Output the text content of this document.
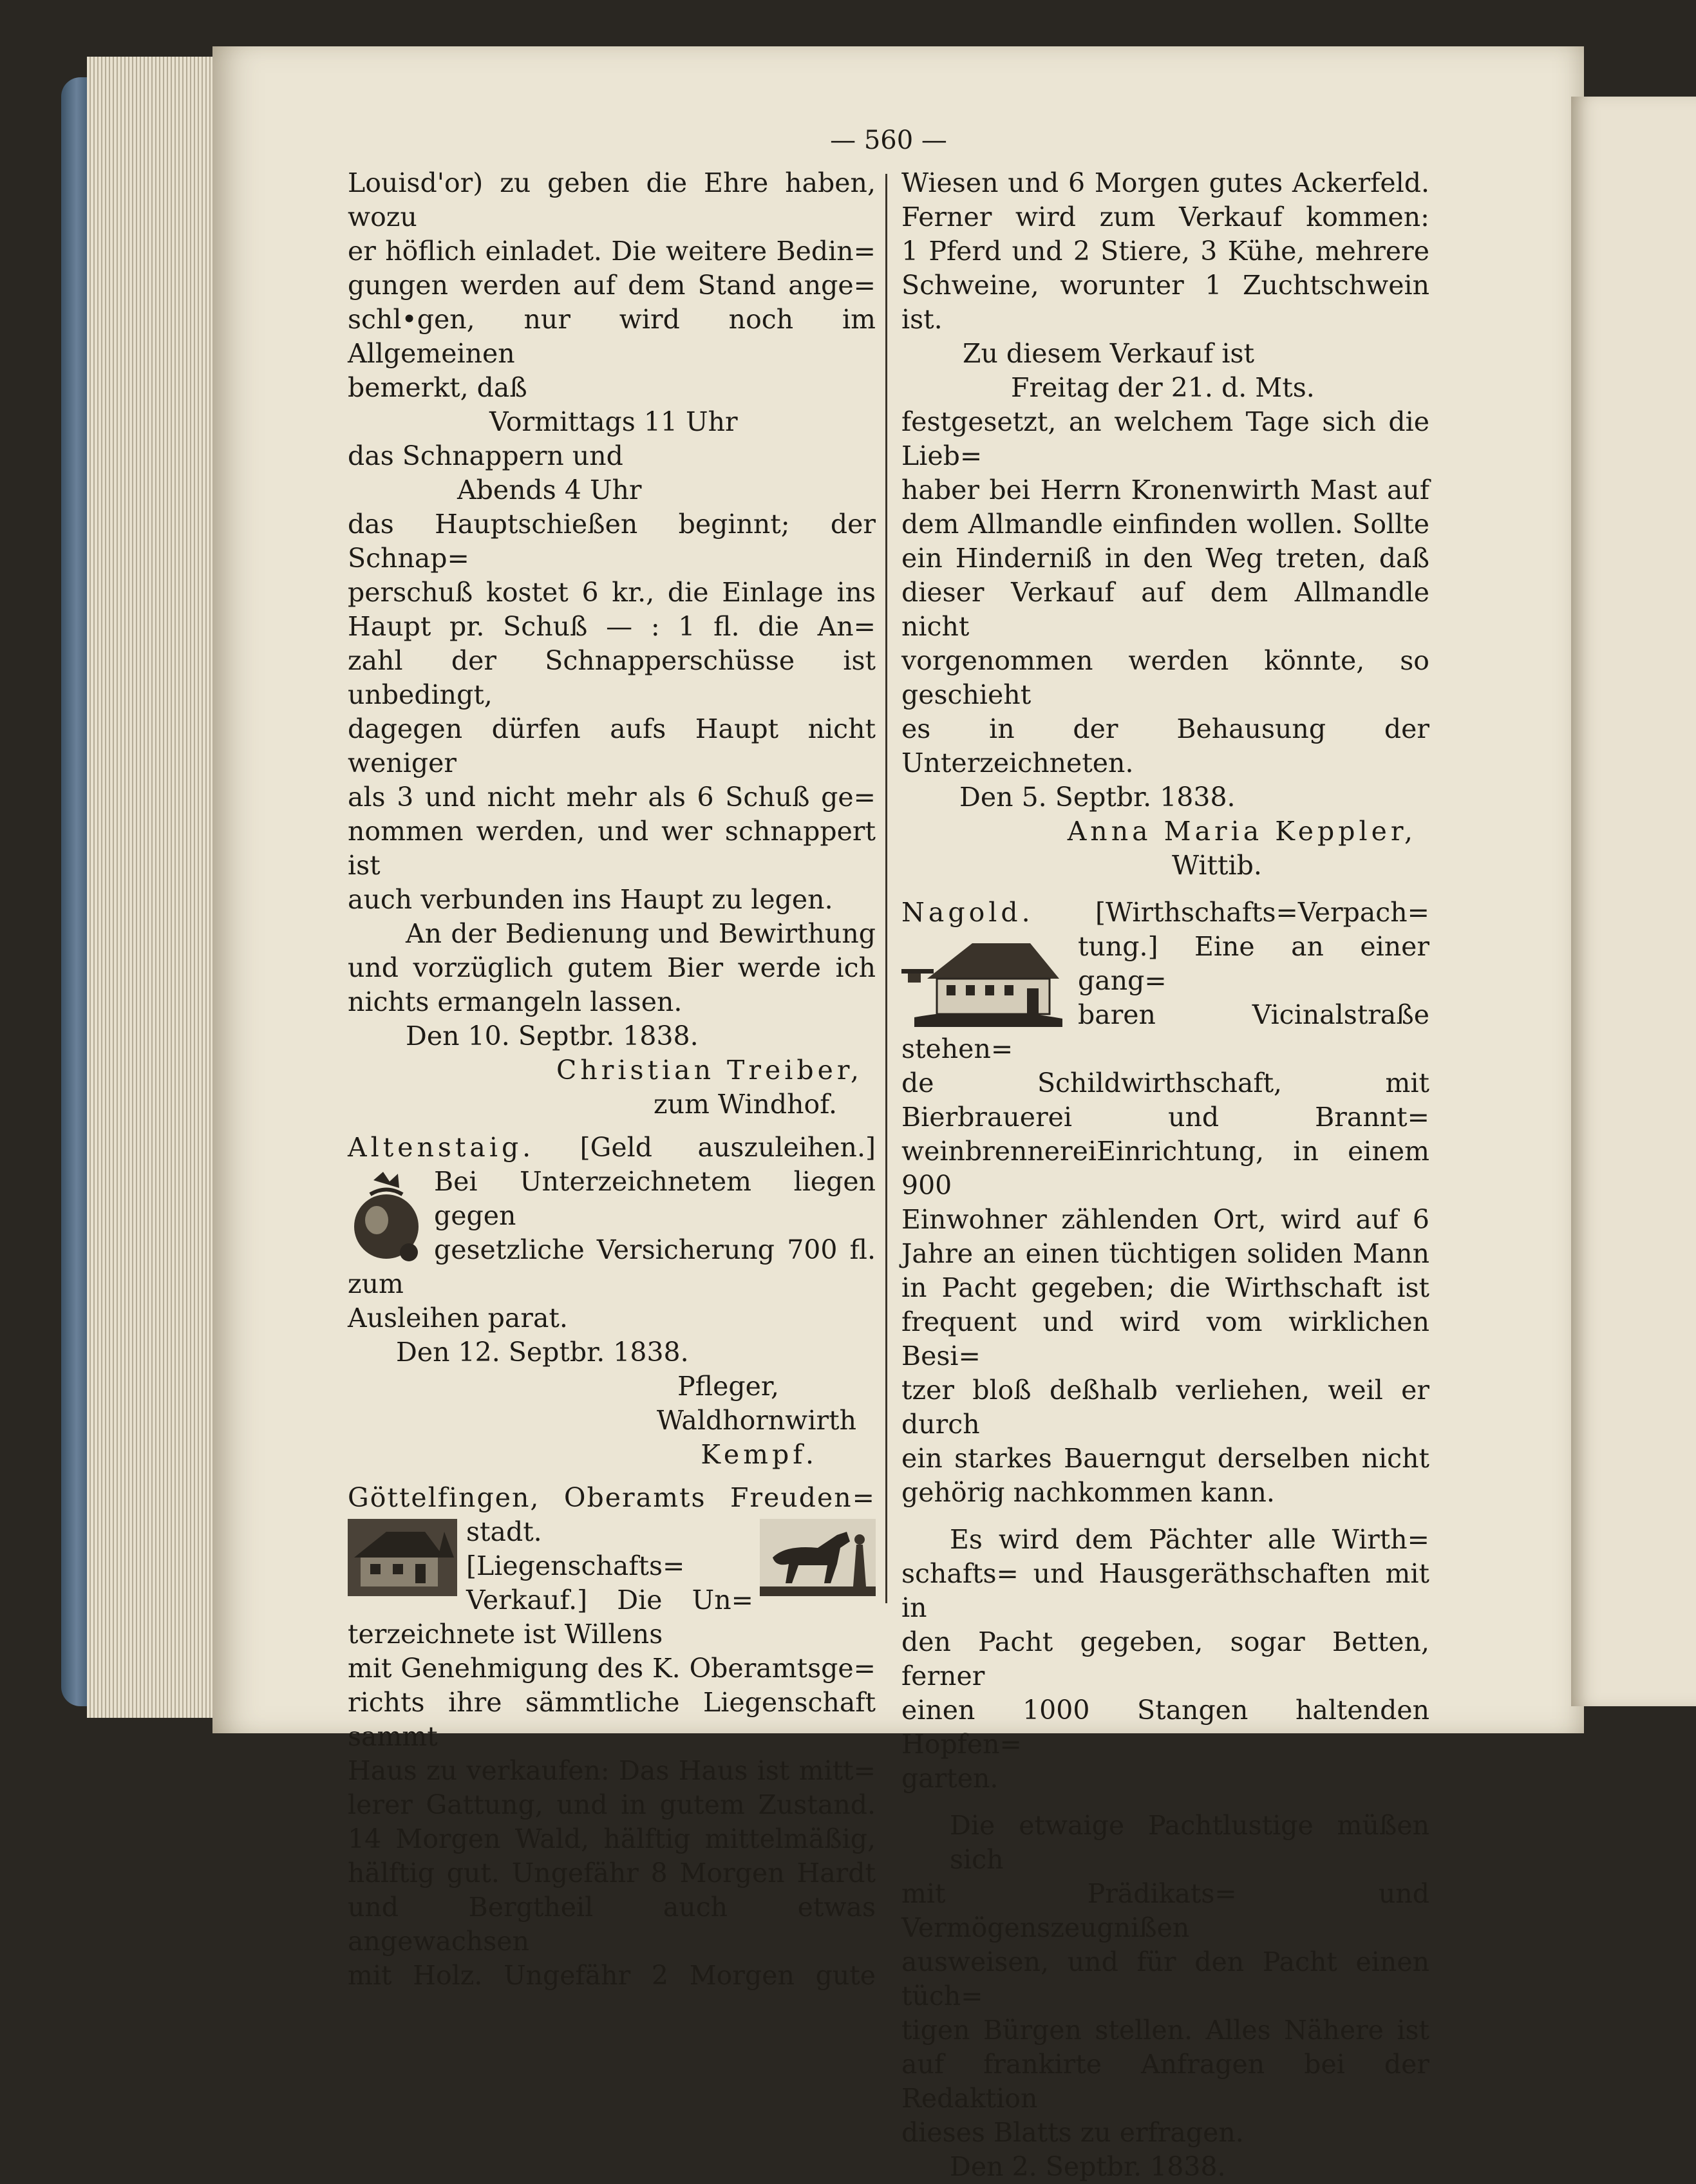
— 560 —

Louisd'or) zu geben die Ehre haben, wozu

er höflich einladet. Die weitere Bedin=

gungen werden auf dem Stand ange=

schl•gen, nur wird noch im Allgemeinen

bemerkt, daß

Vormittags 11 Uhr

das Schnappern und

Abends 4 Uhr

das Hauptschießen beginnt; der Schnap=

perschuß kostet 6 kr., die Einlage ins

Haupt pr. Schuß — : 1 fl. die An=

zahl der Schnapperschüsse ist unbedingt,

dagegen dürfen aufs Haupt nicht weniger

als 3 und nicht mehr als 6 Schuß ge=

nommen werden, und wer schnappert ist

auch verbunden ins Haupt zu legen.

An der Bedienung und Bewirthung

und vorzüglich gutem Bier werde ich

nichts ermangeln lassen.

Den 10. Septbr. 1838.

Christian Treiber,

zum Windhof.

Altenstaig. [Geld auszuleihen.]

Bei Unterzeichnetem liegen gegen

gesetzliche Versicherung 700 fl. zum

Ausleihen parat.

Den 12. Septbr. 1838.

Pfleger,

Waldhornwirth

Kempf.

Göttelfingen, Oberamts Freuden=

stadt. [Liegenschafts=

Verkauf.] Die Un=

terzeichnete ist Willens

mit Genehmigung des K. Oberamtsge=

richts ihre sämmtliche Liegenschaft sammt

Haus zu verkaufen: Das Haus ist mitt=

lerer Gattung, und in gutem Zustand.

14 Morgen Wald, hälftig mittelmäßig,

hälftig gut. Ungefähr 8 Morgen Hardt

und Bergtheil auch etwas angewachsen

mit Holz. Ungefähr 2 Morgen gute

Wiesen und 6 Morgen gutes Ackerfeld.

Ferner wird zum Verkauf kommen:

1 Pferd und 2 Stiere, 3 Kühe, mehrere

Schweine, worunter 1 Zuchtschwein ist.

Zu diesem Verkauf ist

Freitag der 21. d. Mts.

festgesetzt, an welchem Tage sich die Lieb=

haber bei Herrn Kronenwirth Mast auf

dem Allmandle einfinden wollen. Sollte

ein Hinderniß in den Weg treten, daß

dieser Verkauf auf dem Allmandle nicht

vorgenommen werden könnte, so geschieht

es in der Behausung der Unterzeichneten.

Den 5. Septbr. 1838.

Anna Maria Keppler,

Wittib.

Nagold. [Wirthschafts=Verpach=

tung.] Eine an einer gang=

baren Vicinalstraße stehen=

de Schildwirthschaft, mit

Bierbrauerei und Brannt=

weinbrennereiEinrichtung, in einem 900

Einwohner zählenden Ort, wird auf 6

Jahre an einen tüchtigen soliden Mann

in Pacht gegeben; die Wirthschaft ist

frequent und wird vom wirklichen Besi=

tzer bloß deßhalb verliehen, weil er durch

ein starkes Bauerngut derselben nicht

gehörig nachkommen kann.

Es wird dem Pächter alle Wirth=

schafts= und Hausgeräthschaften mit in

den Pacht gegeben, sogar Betten, ferner

einen 1000 Stangen haltenden Hopfen=

garten.

Die etwaige Pachtlustige müßen sich

mit Prädikats= und Vermögenszeugnißen

ausweisen, und für den Pacht einen tüch=

tigen Bürgen stellen. Alles Nähere ist

auf frankirte Anfragen bei der Redaktion

dieses Blatts zu erfragen.

Den 2. Septbr. 1838.
